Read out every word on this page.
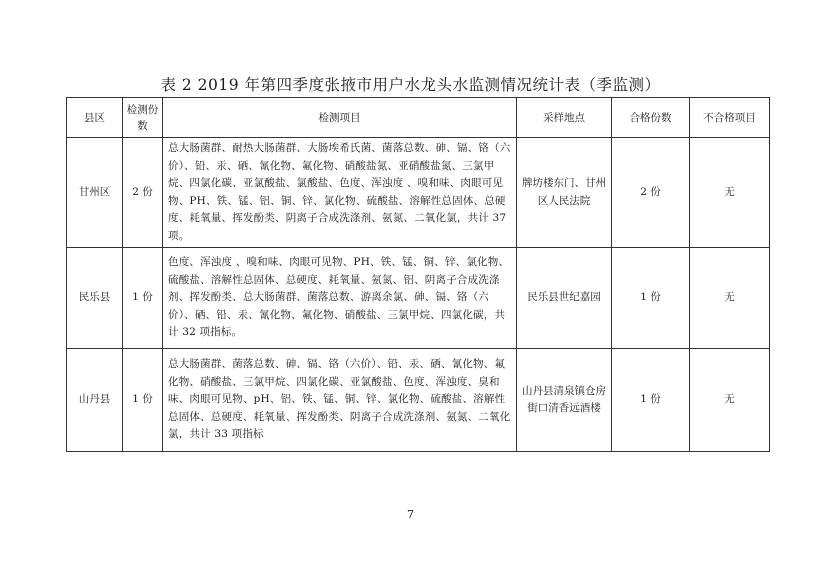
表 2 2019 年第四季度张掖市用户水龙头水监测情况统计表（季监测）
县区	检测份数	检测项目	采样地点	合格份数	不合格项目
甘州区	2 份	总大肠菌群、耐热大肠菌群、大肠埃希氏菌、菌落总数、砷、镉、铬（六价）、铅、汞、硒、氰化物、氟化物、硝酸盐氮、亚硝酸盐氮、三氯甲烷、四氯化碳、亚氯酸盐、氯酸盐、色度、浑浊度 、嗅和味、肉眼可见物、PH、铁、锰、铝、铜、锌、氯化物、硫酸盐、溶解性总固体、总硬度、耗氧量、挥发酚类、阴离子合成洗涤剂、氨氮、二氧化氯，共计 37 项。	牌坊楼东门、甘州区人民法院	2 份	无
民乐县	1 份	色度、浑浊度 、嗅和味、肉眼可见物、PH、铁、锰、铜、锌、氯化物、硫酸盐、溶解性总固体、总硬度、耗氧量、氨氮、铝、阴离子合成洗涤剂、挥发酚类、总大肠菌群、菌落总数、游离余氯、砷、镉、铬（六价）、硒、铅、汞、氰化物、氟化物、硝酸盐、三氯甲烷、四氯化碳，共计 32 项指标。	民乐县世纪嘉园	1 份	无
山丹县	1 份	总大肠菌群、菌落总数、砷、镉、铬（六价）、铅、汞、硒、氰化物、氟化物、硝酸盐、三氯甲烷、四氯化碳、亚氯酸盐、色度、浑浊度、臭和味、肉眼可见物、pH、铝、铁、锰、铜、锌、氯化物、硫酸盐、溶解性总固体、总硬度、耗氧量、挥发酚类、阴离子合成洗涤剂、氨氮、二氧化氯，共计 33 项指标	山丹县清泉镇仓房街口清香远酒楼	1 份	无
7
